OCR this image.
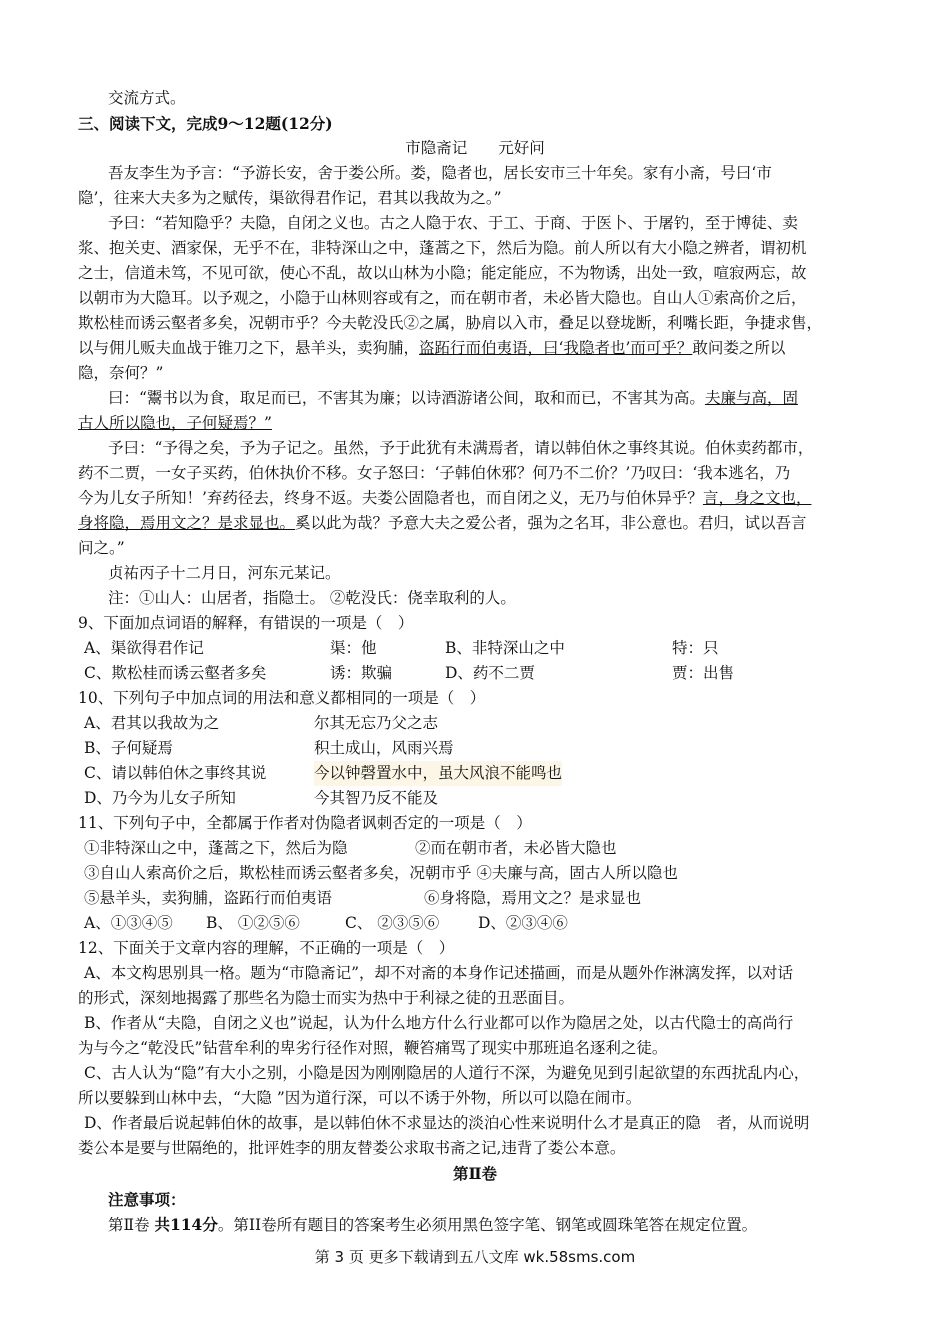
交流方式。
三、阅读下文，完成9～12题(12分)
市隐斋记　　元好问
吾友李生为予言：“予游长安，舍于娄公所。娄，隐者也，居长安市三十年矣。家有小斋，号曰‘市
隐’，往来大夫多为之赋传，渠欲得君作记，君其以我故为之。”
予曰：“若知隐乎？夫隐，自闭之义也。古之人隐于农、于工、于商、于医卜、于屠钓，至于博徒、卖
浆、抱关吏、酒家保，无乎不在，非特深山之中，蓬蒿之下，然后为隐。前人所以有大小隐之辨者，谓初机
之士，信道未笃，不见可欲，使心不乱，故以山林为小隐；能定能应，不为物诱，出处一致，喧寂两忘，故
以朝市为大隐耳。以予观之，小隐于山林则容或有之，而在朝市者，未必皆大隐也。自山人①索高价之后，
欺松桂而诱云壑者多矣，况朝市乎？今夫乾没氏②之属，胁肩以入市，叠足以登垅断，利嘴长距，争捷求售，
以与佣儿贩夫血战于锥刀之下，悬羊头，卖狗脯，盗跖行而伯夷语，曰‘我隐者也’而可乎？敢问娄之所以
隐，奈何？”
曰：“鬻书以为食，取足而已，不害其为廉；以诗酒游诸公间，取和而已，不害其为高。夫廉与高，固
古人所以隐也，子何疑焉？”
予曰：“予得之矣，予为子记之。虽然，予于此犹有未满焉者，请以韩伯休之事终其说。伯休卖药都市，
药不二贾，一女子买药，伯休执价不移。女子怒曰：‘子韩伯休邪？何乃不二价？’乃叹曰：‘我本逃名，乃
今为儿女子所知！’弃药径去，终身不返。夫娄公固隐者也，而自闭之义，无乃与伯休异乎？言，身之文也，
身将隐，焉用文之？是求显也。奚以此为哉？予意大夫之爱公者，强为之名耳，非公意也。君归，试以吾言
问之。”
贞祐丙子十二月日，河东元某记。
注：①山人：山居者，指隐士。 ②乾没氏：侥幸取利的人。
9、下面加点词语的解释，有错误的一项是（　）
A、渠欲得君作记	渠：他	B、非特深山之中	特：只
C、欺松桂而诱云壑者多矣	诱：欺骗	D、药不二贾	贾：出售
10、下列句子中加点词的用法和意义都相同的一项是（　）
A、君其以我故为之	尔其无忘乃父之志
B、子何疑焉	积土成山，风雨兴焉
C、请以韩伯休之事终其说	今以钟磬置水中，虽大风浪不能鸣也
D、乃今为儿女子所知	今其智乃反不能及
11、下列句子中，全都属于作者对伪隐者讽刺否定的一项是（　）
①非特深山之中，蓬蒿之下，然后为隐	②而在朝市者，未必皆大隐也
③自山人索高价之后，欺松桂而诱云壑者多矣，况朝市乎 ④夫廉与高，固古人所以隐也
⑤悬羊头，卖狗脯，盗跖行而伯夷语	⑥身将隐，焉用文之？是求显也
A、①③④⑤ B、 ①②⑤⑥	C、 ②③⑤⑥ D、②③④⑥
12、下面关于文章内容的理解，不正确的一项是（　）
A、本文构思别具一格。题为“市隐斋记”，却不对斋的本身作记述描画，而是从题外作淋漓发挥，以对话
的形式，深刻地揭露了那些名为隐士而实为热中于利禄之徒的丑恶面目。
B、作者从“夫隐，自闭之义也”说起，认为什么地方什么行业都可以作为隐居之处，以古代隐士的高尚行
为与今之“乾没氏”钻营牟利的卑劣行径作对照，鞭笞痛骂了现实中那班追名逐利之徒。
C、古人认为“隐”有大小之别，小隐是因为刚刚隐居的人道行不深，为避免见到引起欲望的东西扰乱内心，
所以要躲到山林中去，“大隐 ”因为道行深，可以不诱于外物，所以可以隐在闹市。
D、作者最后说起韩伯休的故事，是以韩伯休不求显达的淡泊心性来说明什么才是真正的隐　者，从而说明
娄公本是要与世隔绝的，批评姓李的朋友替娄公求取书斋之记,违背了娄公本意。
第Ⅱ卷
注意事项：
第Ⅱ卷 共114分。第II卷所有题目的答案考生必须用黑色签字笔、钢笔或圆珠笔答在规定位置。
第 3 页 更多下载请到五八文库 wk.58sms.com
